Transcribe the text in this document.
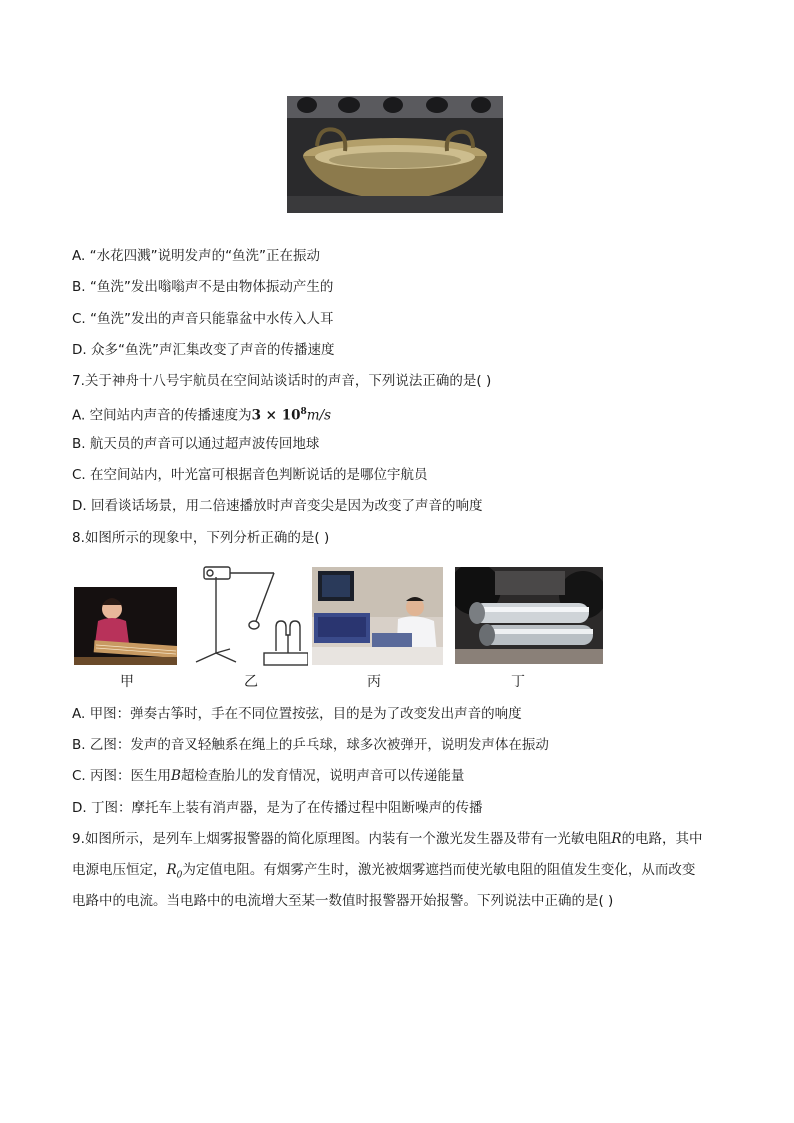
A. “水花四溅”说明发声的“鱼洗”正在振动
B. “鱼洗”发出嗡嗡声不是由物体振动产生的
C. “鱼洗”发出的声音只能靠盆中水传入人耳
D. 众多“鱼洗”声汇集改变了声音的传播速度
7.关于神舟十八号宇航员在空间站谈话时的声音，下列说法正确的是( )
A. 空间站内声音的传播速度为$3 \times 10^8m/s$
B. 航天员的声音可以通过超声波传回地球
C. 在空间站内，叶光富可根据音色判断说话的是哪位宇航员
D. 回看谈话场景，用二倍速播放时声音变尖是因为改变了声音的响度
8.如图所示的现象中，下列分析正确的是( )
甲	乙	丙	丁
A. 甲图：弹奏古筝时，手在不同位置按弦，目的是为了改变发出声音的响度
B. 乙图：发声的音叉轻触系在绳上的乒乓球，球多次被弹开，说明发声体在振动
C. 丙图：医生用B超检查胎儿的发育情况，说明声音可以传递能量
D. 丁图：摩托车上装有消声器，是为了在传播过程中阻断噪声的传播
9.如图所示，是列车上烟雾报警器的简化原理图。内装有一个激光发生器及带有一光敏电阻R的电路，其中
电源电压恒定，$R_0$为定值电阻。有烟雾产生时，激光被烟雾遮挡而使光敏电阻的阻值发生变化，从而改变
电路中的电流。当电路中的电流增大至某一数值时报警器开始报警。下列说法中正确的是( )
